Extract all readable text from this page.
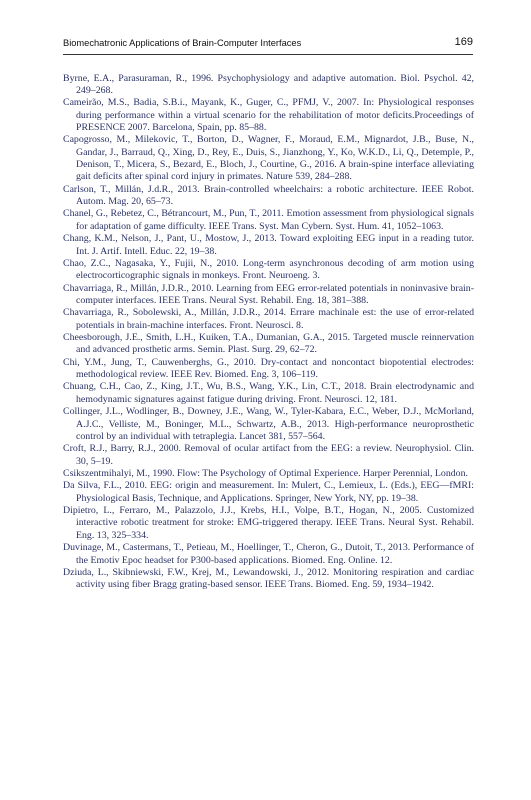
Biomechatronic Applications of Brain-Computer Interfaces	169
Byrne, E.A., Parasuraman, R., 1996. Psychophysiology and adaptive automation. Biol. Psychol. 42, 249–268.
Cameirão, M.S., Badia, S.B.i., Mayank, K., Guger, C., PFMJ, V., 2007. In: Physiological responses during performance within a virtual scenario for the rehabilitation of motor deficits.Proceedings of PRESENCE 2007. Barcelona, Spain, pp. 85–88.
Capogrosso, M., Milekovic, T., Borton, D., Wagner, F., Moraud, E.M., Mignardot, J.B., Buse, N., Gandar, J., Barraud, Q., Xing, D., Rey, E., Duis, S., Jianzhong, Y., Ko, W.K.D., Li, Q., Detemple, P., Denison, T., Micera, S., Bezard, E., Bloch, J., Courtine, G., 2016. A brain-spine interface alleviating gait deficits after spinal cord injury in primates. Nature 539, 284–288.
Carlson, T., Millán, J.d.R., 2013. Brain-controlled wheelchairs: a robotic architecture. IEEE Robot. Autom. Mag. 20, 65–73.
Chanel, G., Rebetez, C., Bétrancourt, M., Pun, T., 2011. Emotion assessment from physiological signals for adaptation of game difficulty. IEEE Trans. Syst. Man Cybern. Syst. Hum. 41, 1052–1063.
Chang, K.M., Nelson, J., Pant, U., Mostow, J., 2013. Toward exploiting EEG input in a reading tutor. Int. J. Artif. Intell. Educ. 22, 19–38.
Chao, Z.C., Nagasaka, Y., Fujii, N., 2010. Long-term asynchronous decoding of arm motion using electrocorticographic signals in monkeys. Front. Neuroeng. 3.
Chavarriaga, R., Millán, J.D.R., 2010. Learning from EEG error-related potentials in noninvasive brain-computer interfaces. IEEE Trans. Neural Syst. Rehabil. Eng. 18, 381–388.
Chavarriaga, R., Sobolewski, A., Millán, J.D.R., 2014. Errare machinale est: the use of error-related potentials in brain-machine interfaces. Front. Neurosci. 8.
Cheesborough, J.E., Smith, L.H., Kuiken, T.A., Dumanian, G.A., 2015. Targeted muscle reinnervation and advanced prosthetic arms. Semin. Plast. Surg. 29, 62–72.
Chi, Y.M., Jung, T., Cauwenberghs, G., 2010. Dry-contact and noncontact biopotential electrodes: methodological review. IEEE Rev. Biomed. Eng. 3, 106–119.
Chuang, C.H., Cao, Z., King, J.T., Wu, B.S., Wang, Y.K., Lin, C.T., 2018. Brain electrodynamic and hemodynamic signatures against fatigue during driving. Front. Neurosci. 12, 181.
Collinger, J.L., Wodlinger, B., Downey, J.E., Wang, W., Tyler-Kabara, E.C., Weber, D.J., McMorland, A.J.C., Velliste, M., Boninger, M.L., Schwartz, A.B., 2013. High-performance neuroprosthetic control by an individual with tetraplegia. Lancet 381, 557–564.
Croft, R.J., Barry, R.J., 2000. Removal of ocular artifact from the EEG: a review. Neurophysiol. Clin. 30, 5–19.
Csikszentmihalyi, M., 1990. Flow: The Psychology of Optimal Experience. Harper Perennial, London.
Da Silva, F.L., 2010. EEG: origin and measurement. In: Mulert, C., Lemieux, L. (Eds.), EEG—fMRI: Physiological Basis, Technique, and Applications. Springer, New York, NY, pp. 19–38.
Dipietro, L., Ferraro, M., Palazzolo, J.J., Krebs, H.I., Volpe, B.T., Hogan, N., 2005. Customized interactive robotic treatment for stroke: EMG-triggered therapy. IEEE Trans. Neural Syst. Rehabil. Eng. 13, 325–334.
Duvinage, M., Castermans, T., Petieau, M., Hoellinger, T., Cheron, G., Dutoit, T., 2013. Performance of the Emotiv Epoc headset for P300-based applications. Biomed. Eng. Online. 12.
Dziuda, L., Skibniewski, F.W., Krej, M., Lewandowski, J., 2012. Monitoring respiration and cardiac activity using fiber Bragg grating-based sensor. IEEE Trans. Biomed. Eng. 59, 1934–1942.
